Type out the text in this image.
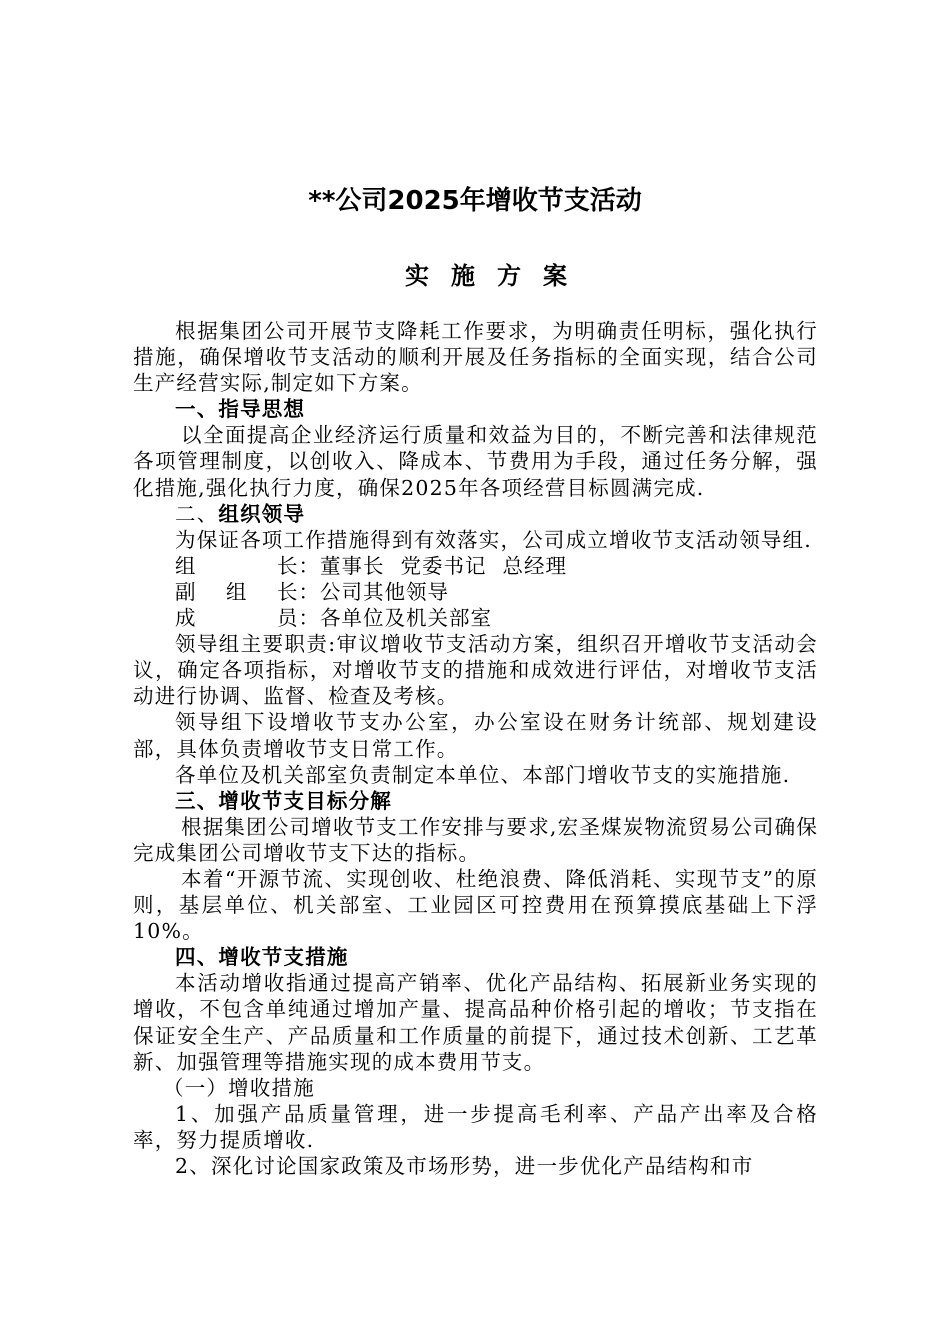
**公司2025年增收节支活动
实施方案

根据集团公司开展节支降耗工作要求，为明确责任明标，强化执行措施，确保增收节支活动的顺利开展及任务指标的全面实现，结合公司生产经营实际,制定如下方案。

一、指导思想

以全面提高企业经济运行质量和效益为目的，不断完善和法律规范各项管理制度，以创收入、降成本、节费用为手段，通过任务分解，强化措施,强化执行力度，确保2025年各项经营目标圆满完成.

二、组织领导

为保证各项工作措施得到有效落实，公司成立增收节支活动领导组.

组	长： 董事长 党委书记 总经理
副 组 长： 公司其他领导
成	员： 各单位及机关部室

领导组主要职责:审议增收节支活动方案，组织召开增收节支活动会议，确定各项指标，对增收节支的措施和成效进行评估，对增收节支活动进行协调、监督、检查及考核。

领导组下设增收节支办公室，办公室设在财务计统部、规划建设部，具体负责增收节支日常工作。

各单位及机关部室负责制定本单位、本部门增收节支的实施措施.

三、增收节支目标分解

根据集团公司增收节支工作安排与要求,宏圣煤炭物流贸易公司确保完成集团公司增收节支下达的指标。

本着“开源节流、实现创收、杜绝浪费、降低消耗、实现节支”的原则，基层单位、机关部室、工业园区可控费用在预算摸底基础上下浮10%。

四、增收节支措施

本活动增收指通过提高产销率、优化产品结构、拓展新业务实现的增收，不包含单纯通过增加产量、提高品种价格引起的增收；节支指在保证安全生产、产品质量和工作质量的前提下，通过技术创新、工艺革新、加强管理等措施实现的成本费用节支。

（一）增收措施

1、加强产品质量管理，进一步提高毛利率、产品产出率及合格率，努力提质增收.

2、深化讨论国家政策及市场形势，进一步优化产品结构和市
